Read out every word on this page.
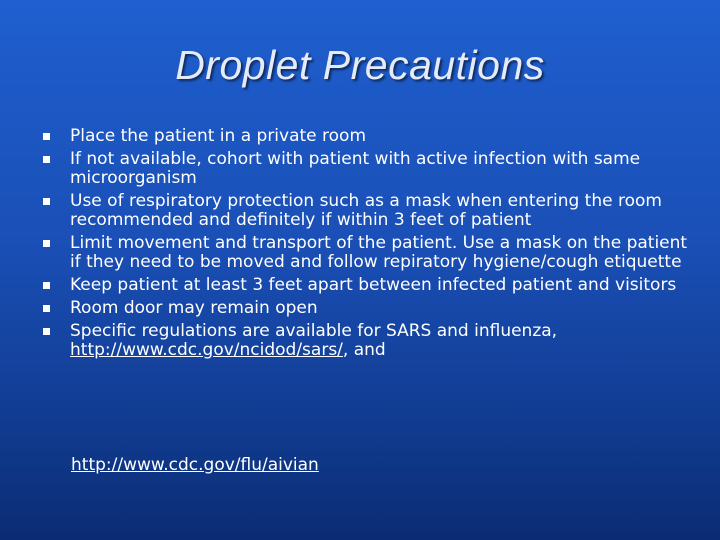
Droplet Precautions
Place the patient in a private room
If not available, cohort with patient with active infection with same microorganism
Use of respiratory protection such as a mask when entering the room recommended and definitely if within 3 feet of patient
Limit movement and transport of the patient. Use a mask on the patient if they need to be moved and follow repiratory hygiene/cough etiquette
Keep patient at least 3 feet apart between infected patient and visitors
Room door may remain open
Specific regulations are available for SARS and influenza, http://www.cdc.gov/ncidod/sars/, and
http://www.cdc.gov/flu/aivian
